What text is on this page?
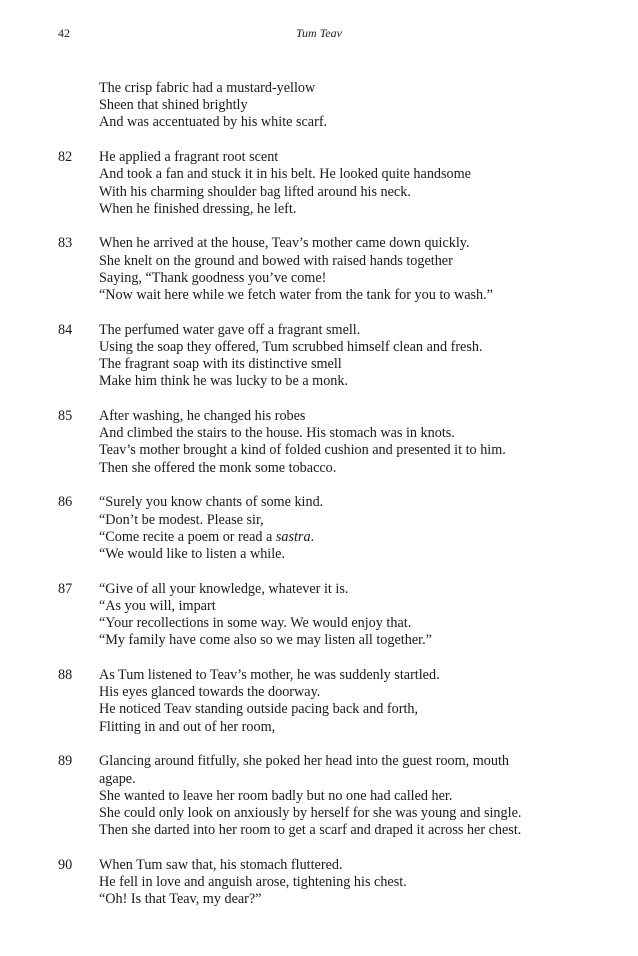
42	Tum Teav
The crisp fabric had a mustard-yellow
Sheen that shined brightly
And was accentuated by his white scarf.
82	He applied a fragrant root scent
And took a fan and stuck it in his belt. He looked quite handsome
With his charming shoulder bag lifted around his neck.
When he finished dressing, he left.
83	When he arrived at the house, Teav’s mother came down quickly.
She knelt on the ground and bowed with raised hands together
Saying, “Thank goodness you’ve come!
“Now wait here while we fetch water from the tank for you to wash.”
84	The perfumed water gave off a fragrant smell.
Using the soap they offered, Tum scrubbed himself clean and fresh.
The fragrant soap with its distinctive smell
Make him think he was lucky to be a monk.
85	After washing, he changed his robes
And climbed the stairs to the house. His stomach was in knots.
Teav’s mother brought a kind of folded cushion and presented it to him.
Then she offered the monk some tobacco.
86	“Surely you know chants of some kind.
“Don’t be modest. Please sir,
“Come recite a poem or read a sastra.
“We would like to listen a while.
87	“Give of all your knowledge, whatever it is.
“As you will, impart
“Your recollections in some way. We would enjoy that.
“My family have come also so we may listen all together.”
88	As Tum listened to Teav’s mother, he was suddenly startled.
His eyes glanced towards the doorway.
He noticed Teav standing outside pacing back and forth,
Flitting in and out of her room,
89	Glancing around fitfully, she poked her head into the guest room, mouth
agape.
She wanted to leave her room badly but no one had called her.
She could only look on anxiously by herself for she was young and single.
Then she darted into her room to get a scarf and draped it across her chest.
90	When Tum saw that, his stomach fluttered.
He fell in love and anguish arose, tightening his chest.
“Oh! Is that Teav, my dear?”
